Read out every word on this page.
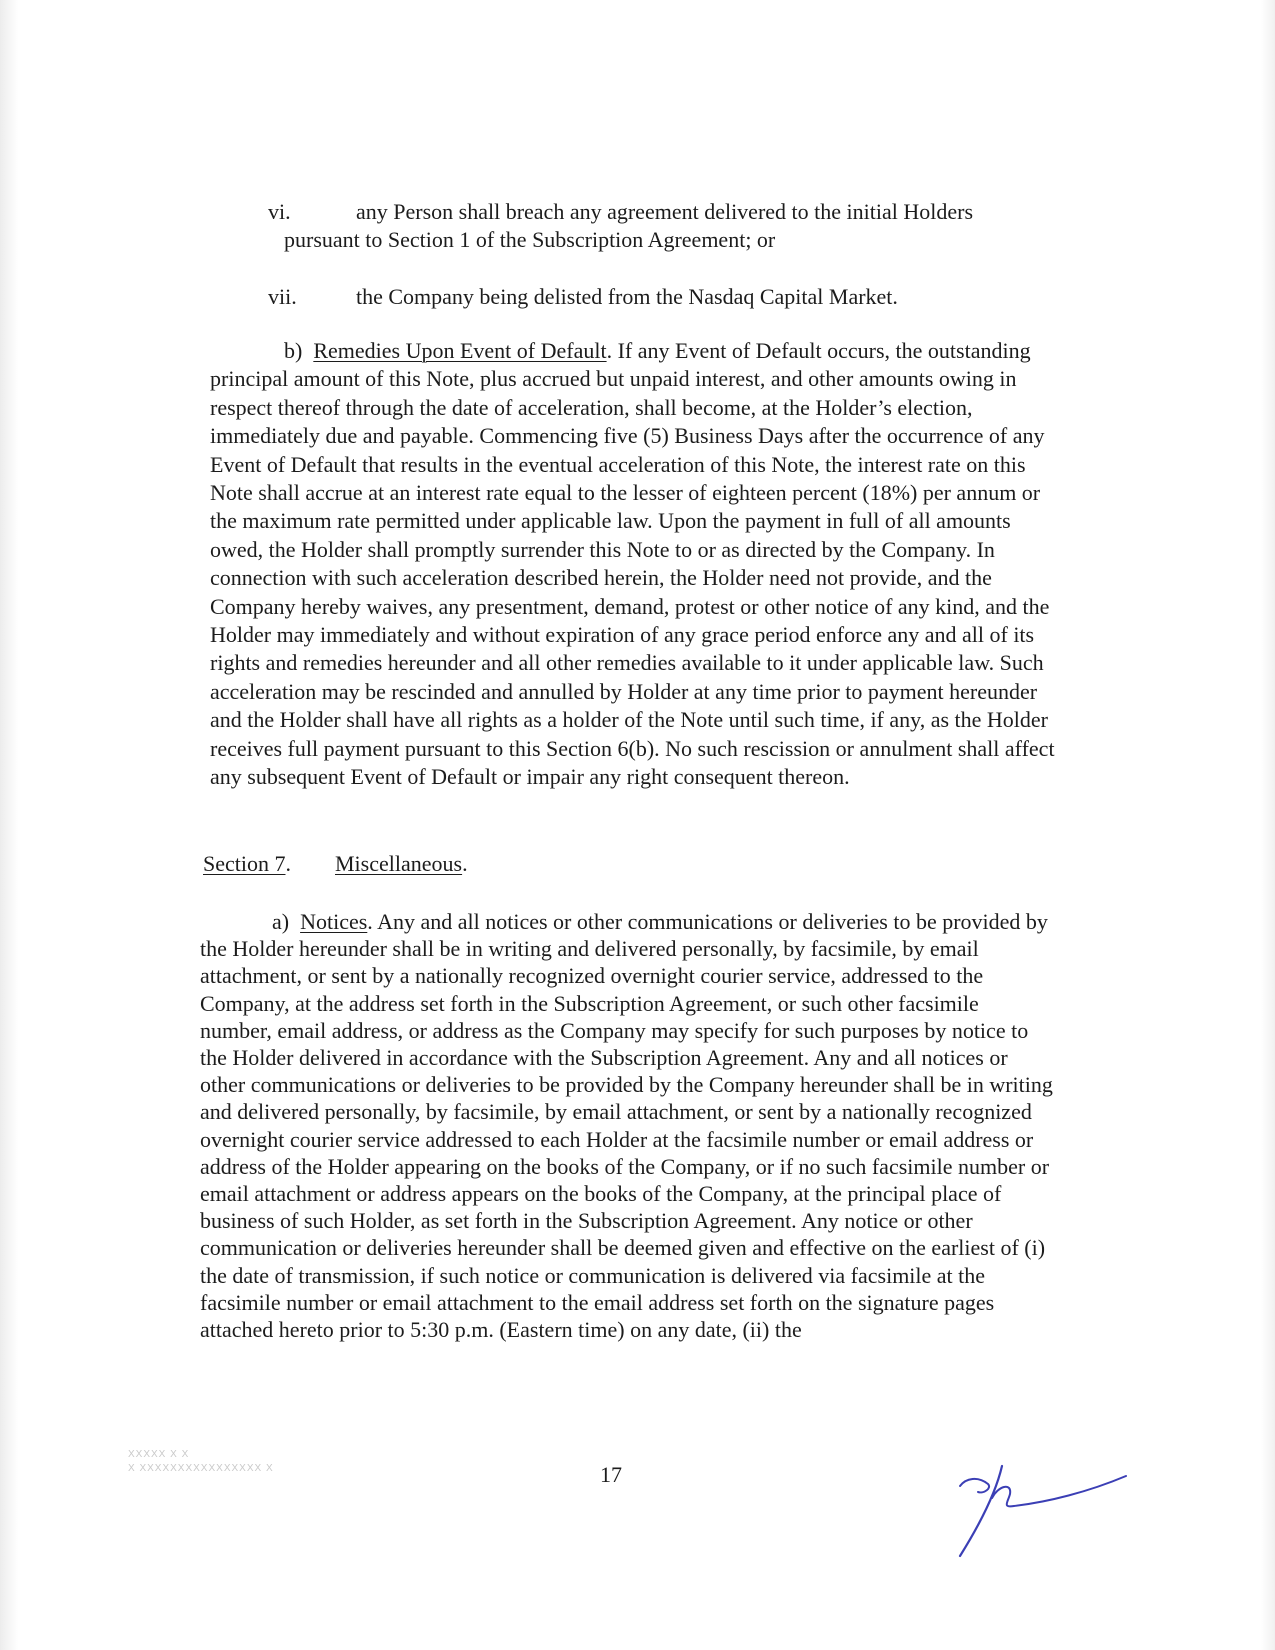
vi.	any Person shall breach any agreement delivered to the initial Holders
pursuant to Section 1 of the Subscription Agreement; or
vii.	the Company being delisted from the Nasdaq Capital Market.

b) Remedies Upon Event of Default. If any Event of Default occurs, the outstanding principal amount of this Note, plus accrued but unpaid interest, and other amounts owing in respect thereof through the date of acceleration, shall become, at the Holder’s election, immediately due and payable. Commencing five (5) Business Days after the occurrence of any Event of Default that results in the eventual acceleration of this Note, the interest rate on this Note shall accrue at an interest rate equal to the lesser of eighteen percent (18%) per annum or the maximum rate permitted under applicable law. Upon the payment in full of all amounts owed, the Holder shall promptly surrender this Note to or as directed by the Company. In connection with such acceleration described herein, the Holder need not provide, and the Company hereby waives, any presentment, demand, protest or other notice of any kind, and the Holder may immediately and without expiration of any grace period enforce any and all of its rights and remedies hereunder and all other remedies available to it under applicable law. Such acceleration may be rescinded and annulled by Holder at any time prior to payment hereunder and the Holder shall have all rights as a holder of the Note until such time, if any, as the Holder receives full payment pursuant to this Section 6(b). No such rescission or annulment shall affect any subsequent Event of Default or impair any right consequent thereon.

Section 7. Miscellaneous.

a) Notices. Any and all notices or other communications or deliveries to be provided by the Holder hereunder shall be in writing and delivered personally, by facsimile, by email attachment, or sent by a nationally recognized overnight courier service, addressed to the Company, at the address set forth in the Subscription Agreement, or such other facsimile number, email address, or address as the Company may specify for such purposes by notice to the Holder delivered in accordance with the Subscription Agreement. Any and all notices or other communications or deliveries to be provided by the Company hereunder shall be in writing and delivered personally, by facsimile, by email attachment, or sent by a nationally recognized overnight courier service addressed to each Holder at the facsimile number or email address or address of the Holder appearing on the books of the Company, or if no such facsimile number or email attachment or address appears on the books of the Company, at the principal place of business of such Holder, as set forth in the Subscription Agreement. Any notice or other communication or deliveries hereunder shall be deemed given and effective on the earliest of (i) the date of transmission, if such notice or communication is delivered via facsimile at the facsimile number or email attachment to the email address set forth on the signature pages attached hereto prior to 5:30 p.m. (Eastern time) on any date, (ii) the

XXXXX X X
X XXXXXXXXXXXXXXXX X	17
